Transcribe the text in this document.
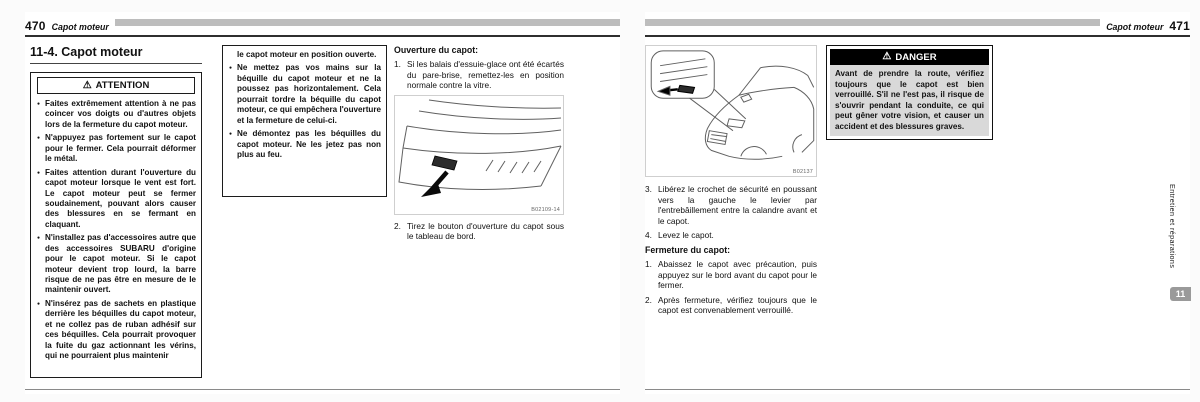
470 Capot moteur
11-4. Capot moteur
⚠ ATTENTION
● Faites extrêmement attention à ne pas coincer vos doigts ou d'autres objets lors de la fermeture du capot moteur.
● N'appuyez pas fortement sur le capot pour le fermer. Cela pourrait déformer le métal.
● Faites attention durant l'ouverture du capot moteur lorsque le vent est fort. Le capot moteur peut se fermer soudainement, pouvant alors causer des blessures en se fermant en claquant.
● N'installez pas d'accessoires autre que des accessoires SUBARU d'origine pour le capot moteur. Si le capot moteur devient trop lourd, la barre risque de ne pas être en mesure de le maintenir ouvert.
● N'insérez pas de sachets en plastique derrière les béquilles du capot moteur, et ne collez pas de ruban adhésif sur ces béquilles. Cela pourrait provoquer la fuite du gaz actionnant les vérins, qui ne pourraient plus maintenir
le capot moteur en position ouverte.
● Ne mettez pas vos mains sur la béquille du capot moteur et ne la poussez pas horizontalement. Cela pourrait tordre la béquille du capot moteur, ce qui empêchera l'ouverture et la fermeture de celui-ci.
● Ne démontez pas les béquilles du capot moteur. Ne les jetez pas non plus au feu.
Ouverture du capot:
1. Si les balais d'essuie-glace ont été écartés du pare-brise, remettez-les en position normale contre la vitre.
B02109-14
2. Tirez le bouton d'ouverture du capot sous le tableau de bord.
Capot moteur 471
B02137
3. Libérez le crochet de sécurité en poussant vers la gauche le levier par l'entrebâillement entre la calandre avant et le capot.
4. Levez le capot.
Fermeture du capot:
1. Abaissez le capot avec précaution, puis appuyez sur le bord avant du capot pour le fermer.
2. Après fermeture, vérifiez toujours que le capot est convenablement verrouillé.
⚠ DANGER
Avant de prendre la route, vérifiez toujours que le capot est bien verrouillé. S'il ne l'est pas, il risque de s'ouvrir pendant la conduite, ce qui peut gêner votre vision, et causer un accident et des blessures graves.
Entretien et réparations
11
